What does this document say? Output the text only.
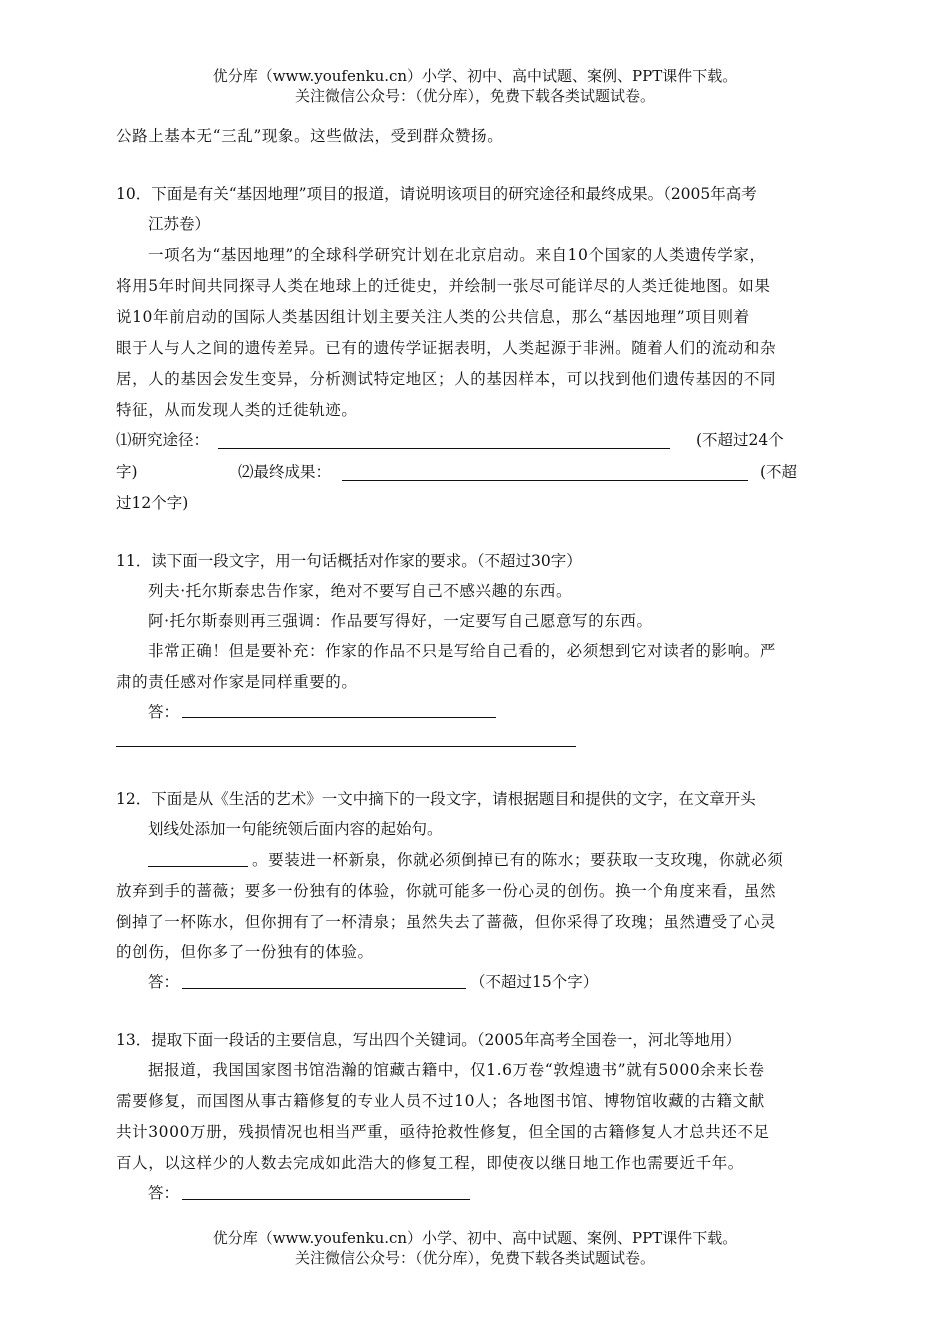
优分库（www.youfenku.cn）小学、初中、高中试题、案例、PPT课件下载。
关注微信公众号：（优分库），免费下载各类试题试卷。
公路上基本无“三乱”现象。这些做法，受到群众赞扬。
10．下面是有关“基因地理”项目的报道，请说明该项目的研究途径和最终成果。（2005年高考
江苏卷）
一项名为“基因地理”的全球科学研究计划在北京启动。来自10个国家的人类遗传学家，
将用5年时间共同探寻人类在地球上的迁徙史，并绘制一张尽可能详尽的人类迁徙地图。如果
说10年前启动的国际人类基因组计划主要关注人类的公共信息，那么“基因地理”项目则着
眼于人与人之间的遗传差异。已有的遗传学证据表明，人类起源于非洲。随着人们的流动和杂
居，人的基因会发生变异，分析测试特定地区；人的基因样本，可以找到他们遗传基因的不同
特征，从而发现人类的迁徙轨迹。
⑴研究途径：	(不超过24个
字)	⑵最终成果：	(不超
过12个字)
11．读下面一段文字，用一句话概括对作家的要求。（不超过30字）
列夫·托尔斯泰忠告作家，绝对不要写自己不感兴趣的东西。
阿·托尔斯泰则再三强调：作品要写得好，一定要写自己愿意写的东西。
非常正确！但是要补充：作家的作品不只是写给自己看的，必须想到它对读者的影响。严
肃的责任感对作家是同样重要的。
答：
12．下面是从《生活的艺术》一文中摘下的一段文字，请根据题目和提供的文字，在文章开头
划线处添加一句能统领后面内容的起始句。
。要装进一杯新泉，你就必须倒掉已有的陈水；要获取一支玫瑰，你就必须
放弃到手的蔷薇；要多一份独有的体验，你就可能多一份心灵的创伤。换一个角度来看，虽然
倒掉了一杯陈水，但你拥有了一杯清泉；虽然失去了蔷薇，但你采得了玫瑰；虽然遭受了心灵
的创伤，但你多了一份独有的体验。
答：	（不超过15个字）
13．提取下面一段话的主要信息，写出四个关键词。（2005年高考全国卷一，河北等地用）
据报道，我国国家图书馆浩瀚的馆藏古籍中，仅1.6万卷“敦煌遗书”就有5000余来长卷
需要修复，而国图从事古籍修复的专业人员不过10人；各地图书馆、博物馆收藏的古籍文献
共计3000万册，残损情况也相当严重，亟待抢救性修复，但全国的古籍修复人才总共还不足
百人，以这样少的人数去完成如此浩大的修复工程，即使夜以继日地工作也需要近千年。
答：
优分库（www.youfenku.cn）小学、初中、高中试题、案例、PPT课件下载。
关注微信公众号：（优分库），免费下载各类试题试卷。
